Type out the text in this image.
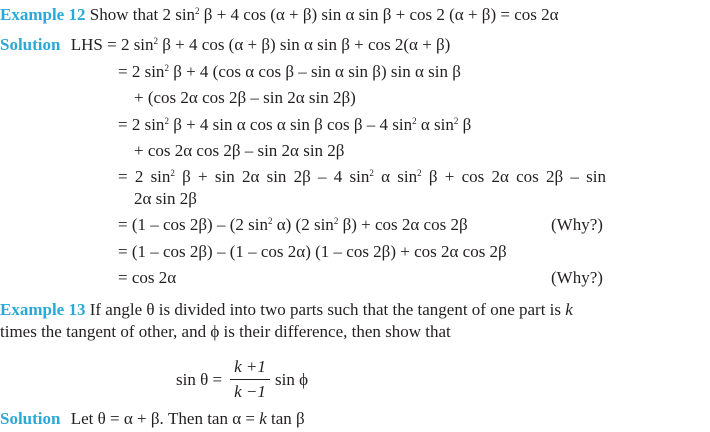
Example 12 Show that 2 $\sin^2 \beta + 4$ cos (α + β) sin α sin β + cos 2 (α + β) = cos 2α
Solution LHS = 2 $\sin^2 \beta + 4$ cos (α + β) sin α sin β + cos 2(α + β)
= 2 $\sin^2 \beta + 4$ (cos α cos β – sin α sin β) sin α sin β
+ (cos 2α cos 2β – sin 2α sin 2β)
= 2 $\sin^2 \beta + 4$ sin α cos α sin β cos β – 4 $\sin^2 \alpha$ $\sin^2 \beta$
+ cos 2α cos 2β – sin 2α sin 2β
= 2 $\sin^2 \beta + \sin 2\alpha$ sin 2β – 4 $\sin^2 \alpha$ $\sin^2 \beta + \cos 2\alpha$ cos 2β – sin
2α sin 2β
= (1 – cos 2β) – (2 $\sin^2 \alpha$) (2 $\sin^2 \beta) + \cos 2\alpha$ cos 2β	(Why?)
= (1 – cos 2β) – (1 – cos 2α) (1 – cos 2β) + cos 2α cos 2β
= cos 2α	(Why?)
Example 13 If angle θ is divided into two parts such that the tangent of one part is k
times the tangent of other, and ϕ is their difference, then show that
sin θ =
k +1
k −1
sin ϕ
Solution Let θ = α + β. Then tan α = k tan β
